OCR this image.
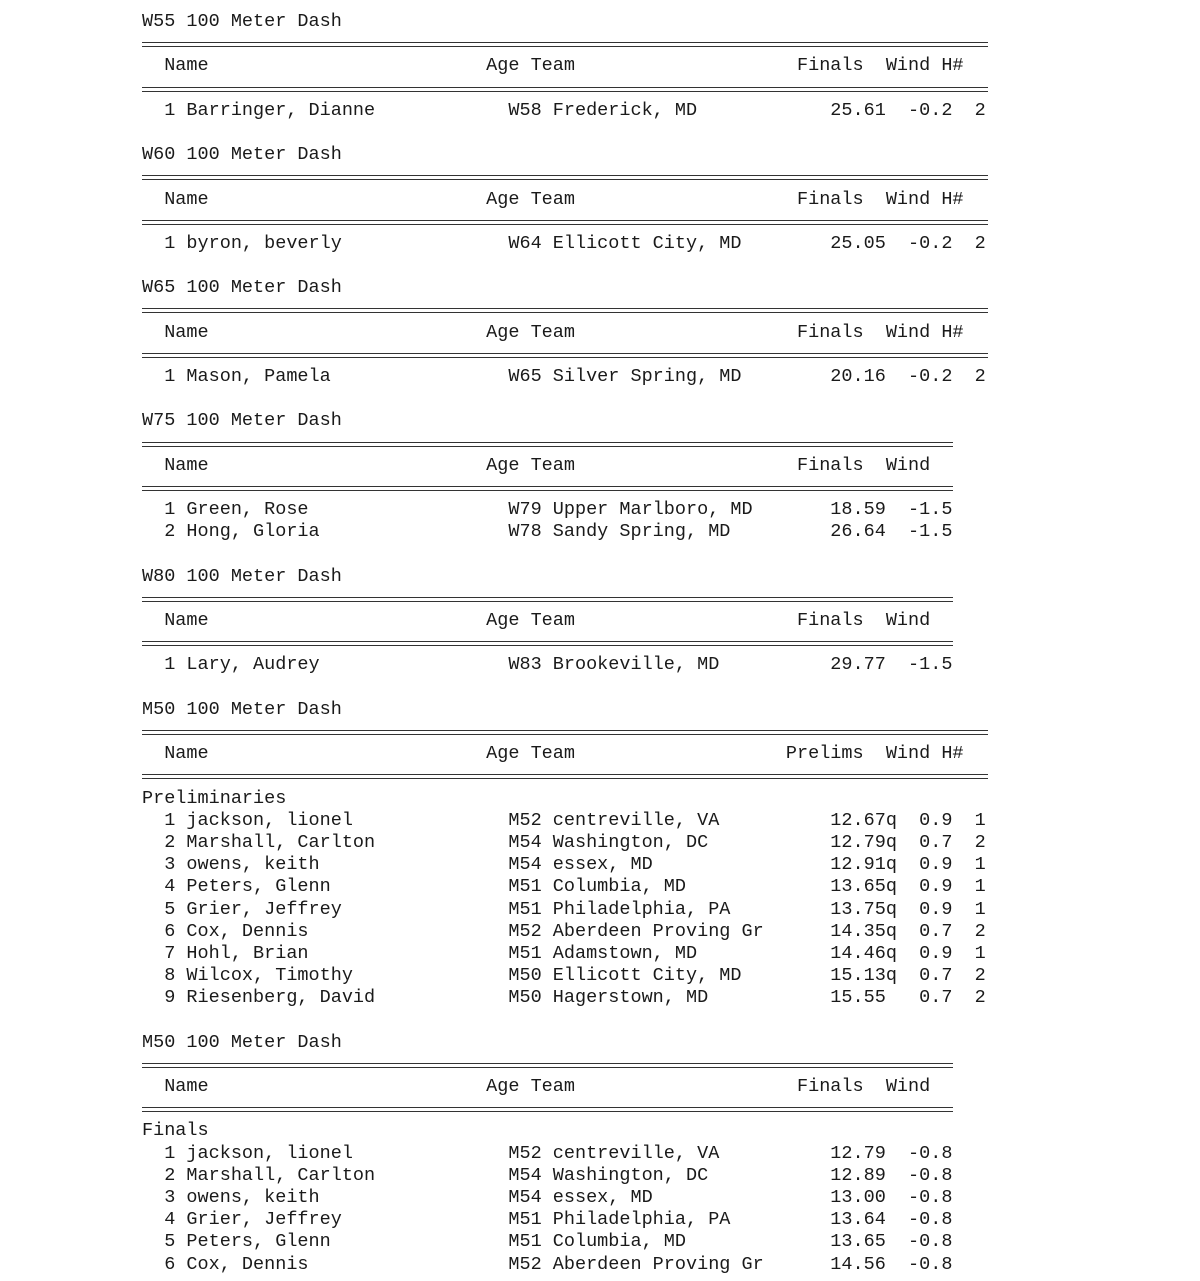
W55 100 Meter Dash
Name                         Age Team                    Finals  Wind H#
1 Barringer, Dianne            W58 Frederick, MD            25.61  -0.2  2
W60 100 Meter Dash
Name                         Age Team                    Finals  Wind H#
1 byron, beverly               W64 Ellicott City, MD        25.05  -0.2  2
W65 100 Meter Dash
Name                         Age Team                    Finals  Wind H#
1 Mason, Pamela                W65 Silver Spring, MD        20.16  -0.2  2
W75 100 Meter Dash
Name                         Age Team                    Finals  Wind
1 Green, Rose                  W79 Upper Marlboro, MD       18.59  -1.5
2 Hong, Gloria                 W78 Sandy Spring, MD         26.64  -1.5
W80 100 Meter Dash
Name                         Age Team                    Finals  Wind
1 Lary, Audrey                 W83 Brookeville, MD          29.77  -1.5
M50 100 Meter Dash
Name                         Age Team                   Prelims  Wind H#
Preliminaries
1 jackson, lionel              M52 centreville, VA          12.67q  0.9  1
2 Marshall, Carlton            M54 Washington, DC           12.79q  0.7  2
3 owens, keith                 M54 essex, MD                12.91q  0.9  1
4 Peters, Glenn                M51 Columbia, MD             13.65q  0.9  1
5 Grier, Jeffrey               M51 Philadelphia, PA         13.75q  0.9  1
6 Cox, Dennis                  M52 Aberdeen Proving Gr      14.35q  0.7  2
7 Hohl, Brian                  M51 Adamstown, MD            14.46q  0.9  1
8 Wilcox, Timothy              M50 Ellicott City, MD        15.13q  0.7  2
9 Riesenberg, David            M50 Hagerstown, MD           15.55   0.7  2
M50 100 Meter Dash
Name                         Age Team                    Finals  Wind
Finals
1 jackson, lionel              M52 centreville, VA          12.79  -0.8
2 Marshall, Carlton            M54 Washington, DC           12.89  -0.8
3 owens, keith                 M54 essex, MD                13.00  -0.8
4 Grier, Jeffrey               M51 Philadelphia, PA         13.64  -0.8
5 Peters, Glenn                M51 Columbia, MD             13.65  -0.8
6 Cox, Dennis                  M52 Aberdeen Proving Gr      14.56  -0.8
